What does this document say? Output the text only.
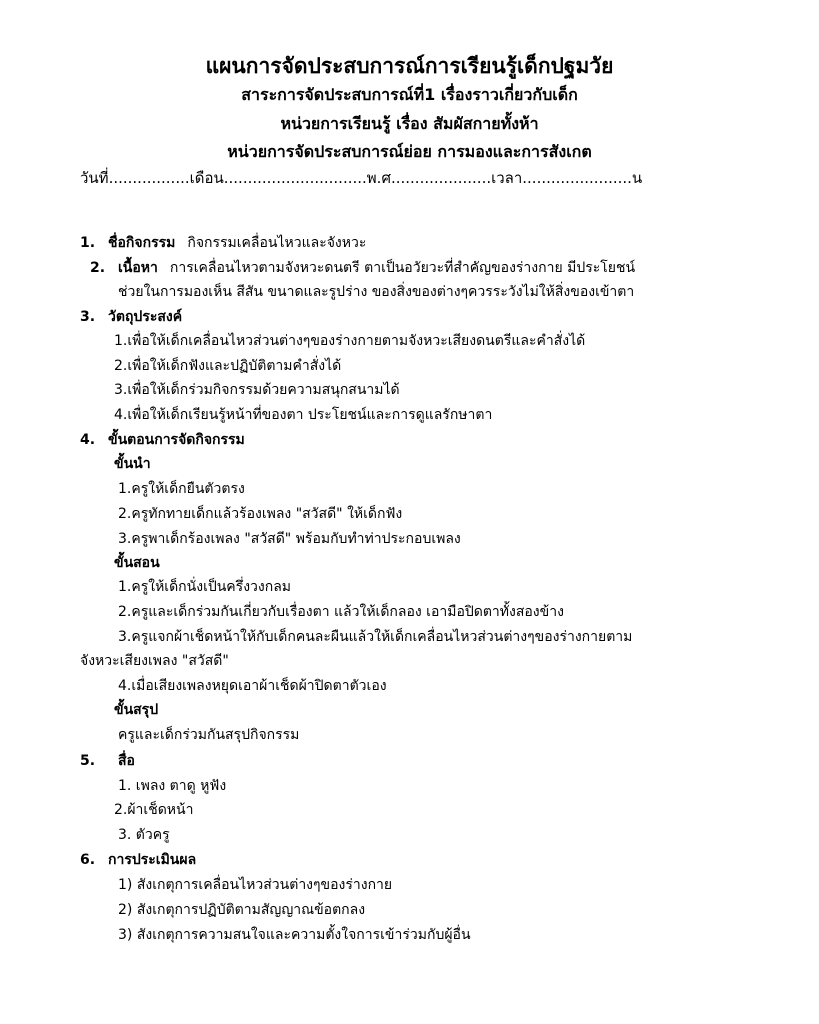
แผนการจัดประสบการณ์การเรียนรู้เด็กปฐมวัย
สาระการจัดประสบการณ์ที่1 เรื่องราวเกี่ยวกับเด็ก
หน่วยการเรียนรู้ เรื่อง สัมผัสกายทั้งห้า
หน่วยการจัดประสบการณ์ย่อย การมองและการสังเกต
วันที่.................เดือน..............................พ.ศ.....................เวลา.......................น
1. ชื่อกิจกรรม กิจกรรมเคลื่อนไหวและจังหวะ
2. เนื้อหา การเคลื่อนไหวตามจังหวะดนตรี ตาเป็นอวัยวะที่สำคัญของร่างกาย มีประโยชน์
ช่วยในการมองเห็น สีสัน ขนาดและรูปร่าง ของสิ่งของต่างๆควรระวังไม่ให้สิ่งของเข้าตา
3. วัตถุประสงค์
1.เพื่อให้เด็กเคลื่อนไหวส่วนต่างๆของร่างกายตามจังหวะเสียงดนตรีและคำสั่งได้
2.เพื่อให้เด็กฟังและปฏิบัติตามคำสั่งได้
3.เพื่อให้เด็กร่วมกิจกรรมด้วยความสนุกสนามได้
4.เพื่อให้เด็กเรียนรู้หน้าที่ของตา ประโยชน์และการดูแลรักษาตา
4. ขั้นตอนการจัดกิจกรรม
ขั้นนำ
1.ครูให้เด็กยืนตัวตรง
2.ครูทักทายเด็กแล้วร้องเพลง "สวัสดี" ให้เด็กฟัง
3.ครูพาเด็กร้องเพลง "สวัสดี" พร้อมกับทำท่าประกอบเพลง
ขั้นสอน
1.ครูให้เด็กนั่งเป็นครึ่งวงกลม
2.ครูและเด็กร่วมกันเกี่ยวกับเรื่องตา แล้วให้เด็กลอง เอามือปิดตาทั้งสองข้าง
3.ครูแจกผ้าเช็ดหน้าให้กับเด็กคนละผืนแล้วให้เด็กเคลื่อนไหวส่วนต่างๆของร่างกายตาม
จังหวะเสียงเพลง "สวัสดี"
4.เมื่อเสียงเพลงหยุดเอาผ้าเช็ดผ้าปิดตาตัวเอง
ขั้นสรุป
ครูและเด็กร่วมกันสรุปกิจกรรม
5. สื่อ
1. เพลง ตาดู หูฟัง
2.ผ้าเช็ดหน้า
3. ตัวครู
6. การประเมินผล
1) สังเกตุการเคลื่อนไหวส่วนต่างๆของร่างกาย
2) สังเกตุการปฏิบัติตามสัญญาณข้อตกลง
3) สังเกตุการความสนใจและความตั้งใจการเข้าร่วมกับผู้อื่น
